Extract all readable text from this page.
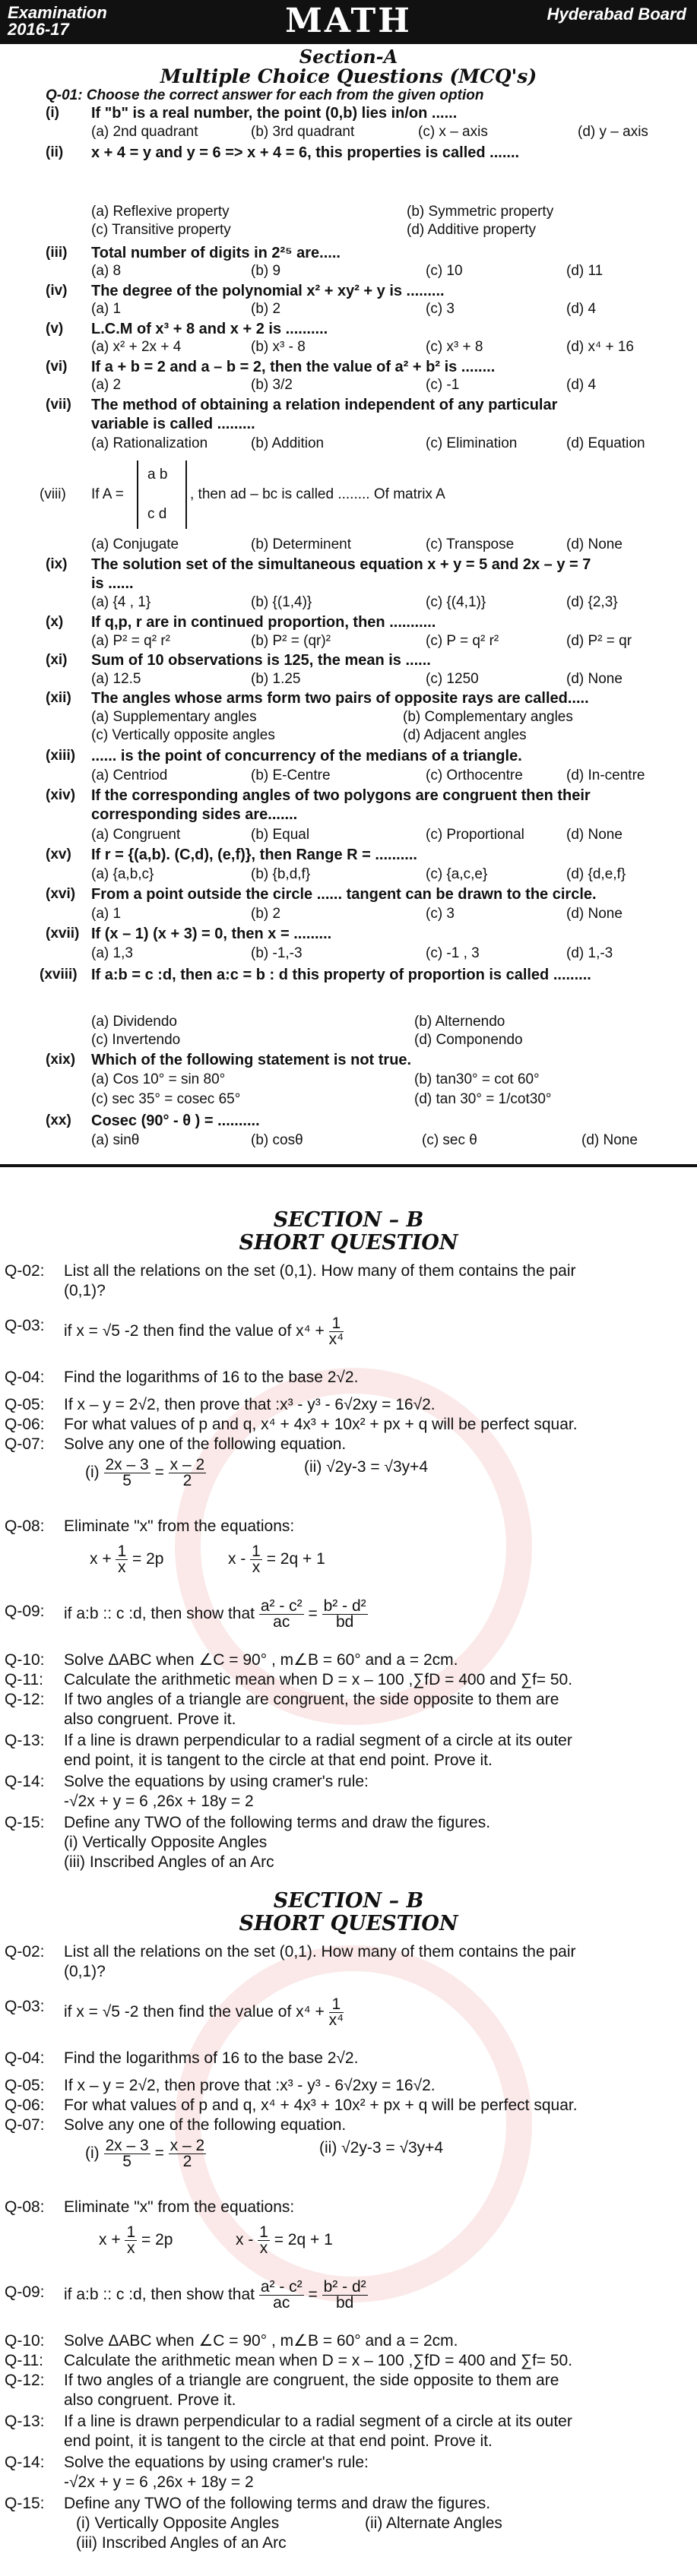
Examination
2016-17	MATH	Hyderabad Board
Section-A
Multiple Choice Questions (MCQ's)
Q-01: Choose the correct answer for each from the given option
(i) If "b" is a real number, the point (0,b) lies in/on ......
(a) 2nd quadrant	(b) 3rd quadrant	(c) x – axis	(d) y – axis
(ii) x + 4 = y and y = 6 => x + 4 = 6, this properties is called .......
(a) Reflexive property	(b) Symmetric property
(c) Transitive property	(d) Additive property
(iii) Total number of digits in 2²⁵ are.....
(a) 8	(b) 9	(c) 10	(d) 11
(iv) The degree of the polynomial x² + xy² + y is .........
(a) 1	(b) 2	(c) 3	(d) 4
(v) L.C.M of x³ + 8 and x + 2 is ..........
(a) x² + 2x + 4	(b) x³ - 8	(c) x³ + 8	(d) x⁴ + 16
(vi) If a + b = 2 and a – b = 2, then the value of a² + b² is ........
(a) 2	(b) 3/2	(c) -1	(d) 4
(vii) The method of obtaining a relation independent of any particular
variable is called .........
(a) Rationalization	(b) Addition	(c) Elimination	(d) Equation
(viii) If A =
a b
c d
, then ad – bc is called ........ Of matrix A
(a) Conjugate	(b) Determinent	(c) Transpose	(d) None
(ix) The solution set of the simultaneous equation x + y = 5 and 2x – y = 7
is ......
(a) {4 , 1}	(b) {(1,4)}	(c) {(4,1)}	(d) {2,3}
(x) If q,p, r are in continued proportion, then ...........
(a) P² = q² r²	(b) P² = (qr)²	(c) P = q² r²	(d) P² = qr
(xi) Sum of 10 observations is 125, the mean is ......
(a) 12.5	(b) 1.25	(c) 1250	(d) None
(xii) The angles whose arms form two pairs of opposite rays are called.....
(a) Supplementary angles	(b) Complementary angles
(c) Vertically opposite angles	(d) Adjacent angles
(xiii) ...... is the point of concurrency of the medians of a triangle.
(a) Centriod	(b) E-Centre	(c) Orthocentre	(d) In-centre
(xiv) If the corresponding angles of two polygons are congruent then their
corresponding sides are.......
(a) Congruent	(b) Equal	(c) Proportional	(d) None
(xv) If r = {(a,b). (C,d), (e,f)}, then Range R = ..........
(a) {a,b,c}	(b) {b,d,f}	(c) {a,c,e}	(d) {d,e,f}
(xvi) From a point outside the circle ...... tangent can be drawn to the circle.
(a) 1	(b) 2	(c) 3	(d) None
(xvii) If (x – 1) (x + 3) = 0, then x = .........
(a) 1,3	(b) -1,-3	(c) -1 , 3	(d) 1,-3
(xviii) If a:b = c :d, then a:c = b : d this property of proportion is called .........
(a) Dividendo	(b) Alternendo
(c) Invertendo	(d) Componendo
(xix) Which of the following statement is not true.
(a) Cos 10° = sin 80°	(b) tan30° = cot 60°
(c) sec 35° = cosec 65°	(d) tan 30° = 1/cot30°
(xx) Cosec (90° - θ ) = ..........
(a) sinθ	(b) cosθ	(c) sec θ	(d) None
SECTION – B
SHORT QUESTION
Q-02: List all the relations on the set (0,1). How many of them contains the pair
(0,1)?
Q-03: if x = √5 -2 then find the value of $x^4 + \frac{1}{\text{x⁴}}$
Q-04: Find the logarithms of 16 to the base 2√2.
Q-05: If x – y = 2√2, then prove that :x³ - y³ - 6√2xy = 16√2.
Q-06: For what values of p and q, x⁴ + 4x³ + 10x² + px + q will be perfect squar.
Q-07: Solve any one of the following equation.
$(i) \frac{2x - 3}{5} = \frac{x - 2}{2}$	(ii) √2y-3 = √3y+4
Q-08: Eliminate "x" from the equations:
$x + \frac{1}{x} = 2p$	$x - \frac{1}{x} = 2q + 1$
Q-09: if a:b :: c :d, then show that $\frac{\text{a² - c²}}{ac} = \frac{\text{b² - d²}}{bd}$
Q-10: Solve ΔABC when ∠C = 90° , m∠B = 60° and a = 2cm.
Q-11: Calculate the arithmetic mean when D = x – 100 ,∑fD = 400 and ∑f= 50.
Q-12: If two angles of a triangle are congruent, the side opposite to them are
also congruent. Prove it.
Q-13: If a line is drawn perpendicular to a radial segment of a circle at its outer
end point, it is tangent to the circle at that end point. Prove it.
Q-14: Solve the equations by using cramer's rule:
-√2x + y = 6 ,26x + 18y = 2
Q-15: Define any TWO of the following terms and draw the figures.
(i) Vertically Opposite Angles
(iii) Inscribed Angles of an Arc
SECTION – B
SHORT QUESTION
Q-02: List all the relations on the set (0,1). How many of them contains the pair
(0,1)?
Q-03: if x = √5 -2 then find the value of $x^4 + \frac{1}{\text{x⁴}}$
Q-04: Find the logarithms of 16 to the base 2√2.
Q-05: If x – y = 2√2, then prove that :x³ - y³ - 6√2xy = 16√2.
Q-06: For what values of p and q, x⁴ + 4x³ + 10x² + px + q will be perfect squar.
Q-07: Solve any one of the following equation.
$(i) \frac{2x - 3}{5} = \frac{x - 2}{2}$	(ii) √2y-3 = √3y+4
Q-08: Eliminate "x" from the equations:
$x + \frac{1}{x} = 2p$	$x - \frac{1}{x} = 2q + 1$
Q-09: if a:b :: c :d, then show that $\frac{\text{a² - c²}}{ac} = \frac{\text{b² - d²}}{bd}$
Q-10: Solve ΔABC when ∠C = 90° , m∠B = 60° and a = 2cm.
Q-11: Calculate the arithmetic mean when D = x – 100 ,∑fD = 400 and ∑f= 50.
Q-12: If two angles of a triangle are congruent, the side opposite to them are
also congruent. Prove it.
Q-13: If a line is drawn perpendicular to a radial segment of a circle at its outer
end point, it is tangent to the circle at that end point. Prove it.
Q-14: Solve the equations by using cramer's rule:
-√2x + y = 6 ,26x + 18y = 2
Q-15: Define any TWO of the following terms and draw the figures.
(i) Vertically Opposite Angles	(ii) Alternate Angles
(iii) Inscribed Angles of an Arc
